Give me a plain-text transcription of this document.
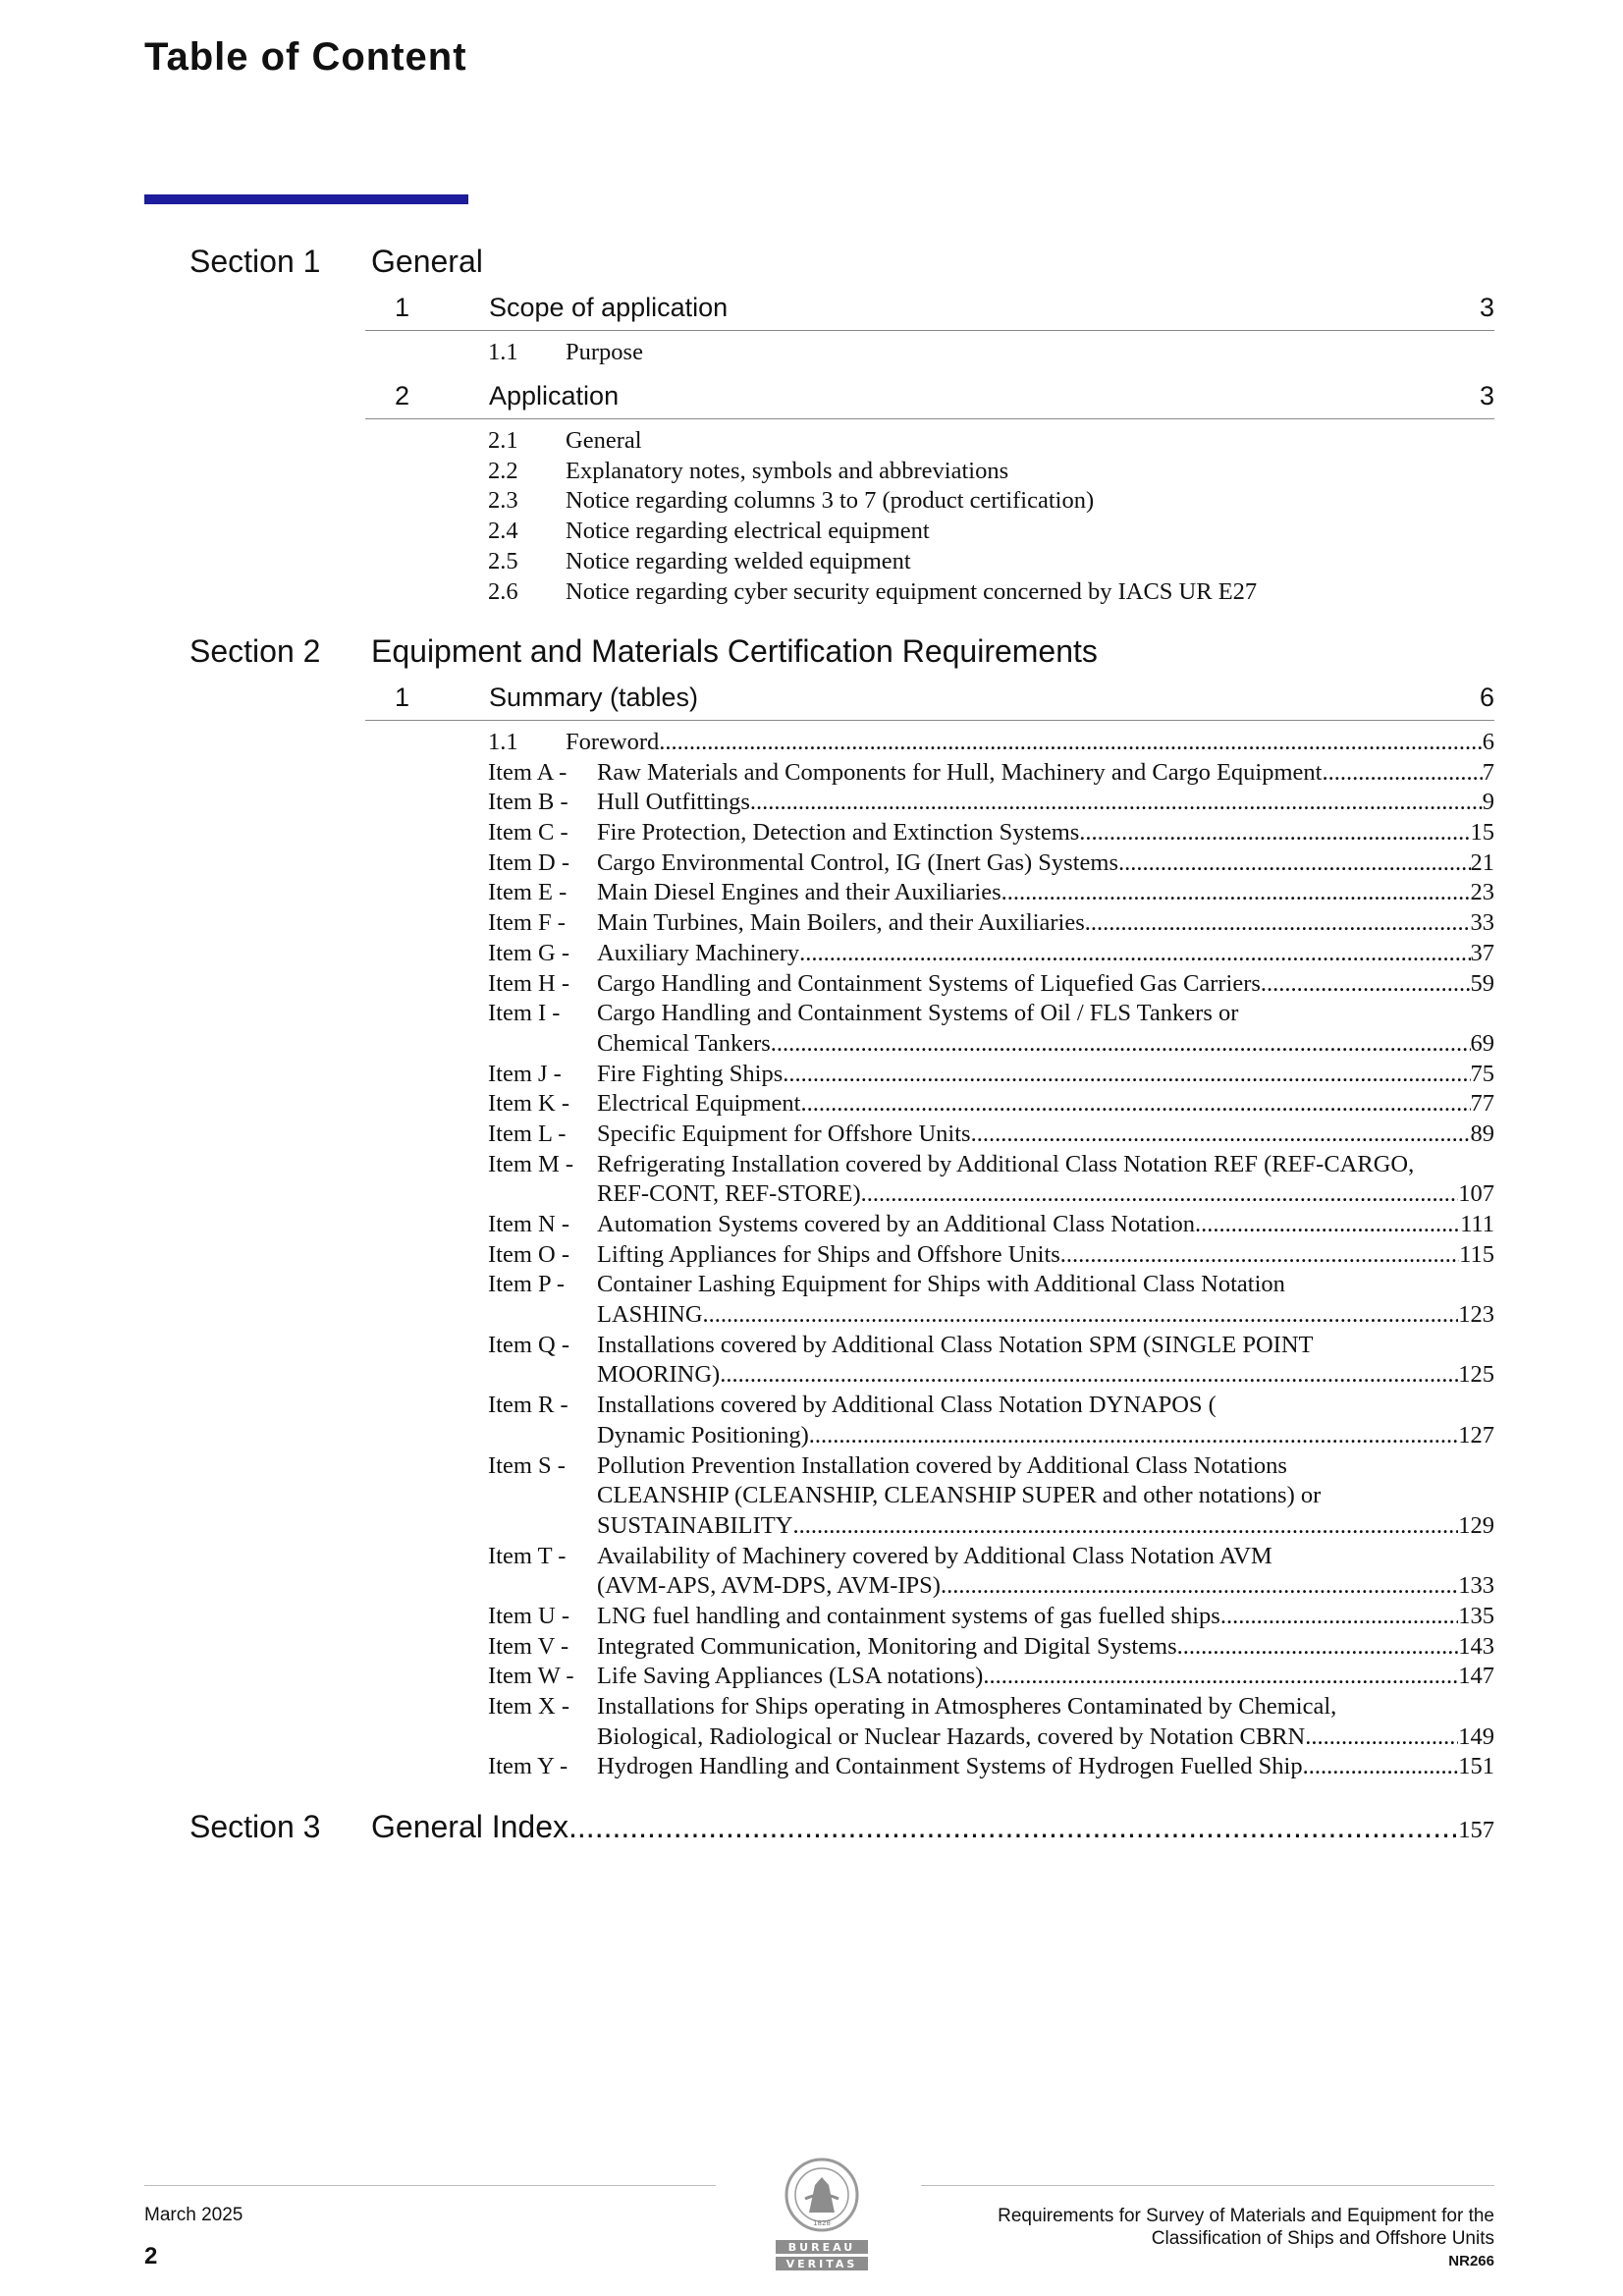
Table of Content
Section 1 General
1	Scope of application	3
1.1 Purpose
2	Application	3
2.1 General
2.2 Explanatory notes, symbols and abbreviations
2.3 Notice regarding columns 3 to 7 (product certification)
2.4 Notice regarding electrical equipment
2.5 Notice regarding welded equipment
2.6 Notice regarding cyber security equipment concerned by IACS UR E27
Section 2 Equipment and Materials Certification Requirements
1	Summary (tables)	6
1.1	Foreword .....	6
Item A -	Raw Materials and Components for Hull, Machinery and Cargo Equipment .....	7
Item B -	Hull Outfittings .....	9
Item C -	Fire Protection, Detection and Extinction Systems .....	15
Item D -	Cargo Environmental Control, IG (Inert Gas) Systems .....	21
Item E -	Main Diesel Engines and their Auxiliaries .....	23
Item F -	Main Turbines, Main Boilers, and their Auxiliaries .....	33
Item G -	Auxiliary Machinery .....	37
Item H -	Cargo Handling and Containment Systems of Liquefied Gas Carriers .....	59
Item I -	Cargo Handling and Containment Systems of Oil / FLS Tankers or
Chemical Tankers .....	69
Item J -	Fire Fighting Ships .....	75
Item K -	Electrical Equipment .....	77
Item L -	Specific Equipment for Offshore Units .....	89
Item M - Refrigerating Installation covered by Additional Class Notation REF (REF-CARGO,
REF-CONT, REF-STORE) .....	107
Item N -	Automation Systems covered by an Additional Class Notation .....	111
Item O -	Lifting Appliances for Ships and Offshore Units .....	115
Item P -	Container Lashing Equipment for Ships with Additional Class Notation
LASHING .....	123
Item Q -	Installations covered by Additional Class Notation SPM (SINGLE POINT
MOORING) .....	125
Item R -	Installations covered by Additional Class Notation DYNAPOS (
Dynamic Positioning) .....	127
Item S -	Pollution Prevention Installation covered by Additional Class Notations
CLEANSHIP (CLEANSHIP, CLEANSHIP SUPER and other notations) or
SUSTAINABILITY .....	129
Item T -	Availability of Machinery covered by Additional Class Notation AVM
(AVM-APS, AVM-DPS, AVM-IPS) .....	133
Item U -	LNG fuel handling and containment systems of gas fuelled ships .....	135
Item V -	Integrated Communication, Monitoring and Digital Systems .....	143
Item W - Life Saving Appliances (LSA notations) .....	147
Item X -	Installations for Ships operating in Atmospheres Contaminated by Chemical,
Biological, Radiological or Nuclear Hazards, covered by Notation CBRN .....	149
Item Y -	Hydrogen Handling and Containment Systems of Hydrogen Fuelled Ship .....	151
Section 3 General Index .....	157
March 2025
2
Requirements for Survey of Materials and Equipment for the
Classification of Ships and Offshore Units
NR266
1828
BUREAU
VERITAS
